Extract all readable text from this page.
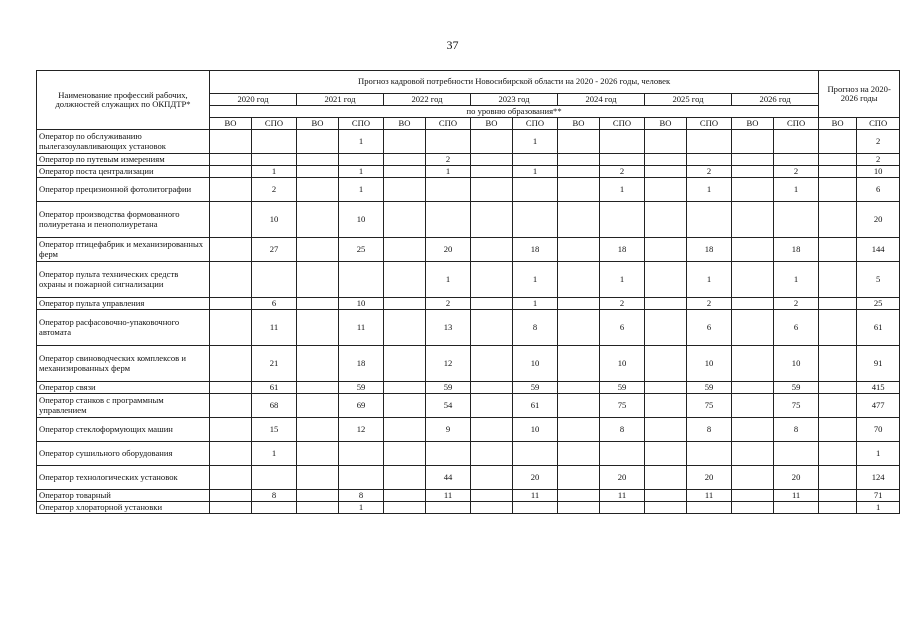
37
Наименование профессий рабочих, должностей служащих по ОКПДТР*	Прогноз кадровой потребности Новосибирской области на 2020 - 2026 годы, человек														Прогноз на 2020-2026 годы	
	2020 год		2021 год		2022 год		2023 год		2024 год		2025 год		2026 год			
	по уровню образования**															
	ВО	СПО	ВО	СПО	ВО	СПО	ВО	СПО	ВО	СПО	ВО	СПО	ВО	СПО	ВО	СПО
Оператор по обслуживанию пылегазоулавливающих установок				1				1								2
Оператор по путевым измерениям						2										2
Оператор поста централизации		1		1		1		1		2		2		2		10
Оператор прецизионной фотолитографии		2		1						1		1		1		6
Оператор производства формованного полиуретана и пенополиуретана		10		10												20
Оператор птицефабрик и механизированных ферм		27		25		20		18		18		18		18		144
Оператор пульта технических средств охраны и пожарной сигнализации						1		1		1		1		1		5
Оператор пульта управления		6		10		2		1		2		2		2		25
Оператор расфасовочно-упаковочного автомата		11		11		13		8		6		6		6		61
Оператор свиноводческих комплексов и механизированных ферм		21		18		12		10		10		10		10		91
Оператор связи		61		59		59		59		59		59		59		415
Оператор станков с программным управлением		68		69		54		61		75		75		75		477
Оператор стеклоформующих машин		15		12		9		10		8		8		8		70
Оператор сушильного оборудования		1														1
Оператор технологических установок						44		20		20		20		20		124
Оператор товарный		8		8		11		11		11		11		11		71
Оператор хлораторной установки				1												1
